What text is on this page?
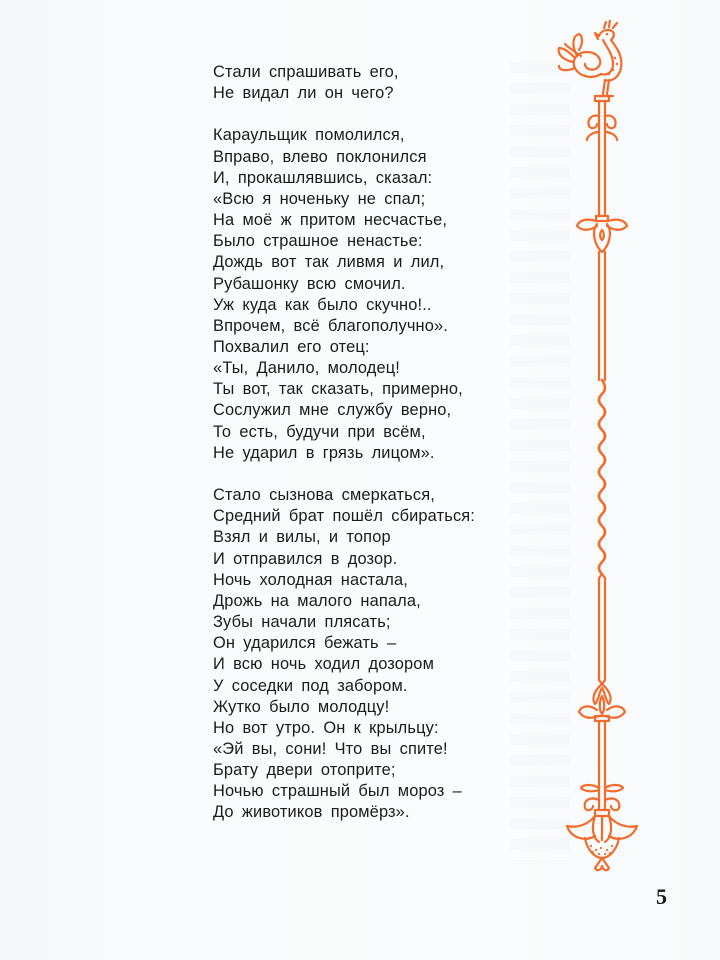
Стали спрашивать его,
Не видал ли он чего?
Караульщик помолился,
Вправо, влево поклонился
И, прокашлявшись, сказал:
«Всю я ноченьку не спал;
На моё ж притом несчастье,
Было страшное ненастье:
Дождь вот так ливмя и лил,
Рубашонку всю смочил.
Уж куда как было скучно!..
Впрочем, всё благополучно».
Похвалил его отец:
«Ты, Данило, молодец!
Ты вот, так сказать, примерно,
Сослужил мне службу верно,
То есть, будучи при всём,
Не ударил в грязь лицом».
Стало сызнова смеркаться,
Средний брат пошёл сбираться:
Взял и вилы, и топор
И отправился в дозор.
Ночь холодная настала,
Дрожь на малого напала,
Зубы начали плясать;
Он ударился бежать –
И всю ночь ходил дозором
У соседки под забором.
Жутко было молодцу!
Но вот утро. Он к крыльцу:
«Эй вы, сони! Что вы спите!
Брату двери отоприте;
Ночью страшный был мороз –
До животиков промёрз».
5
